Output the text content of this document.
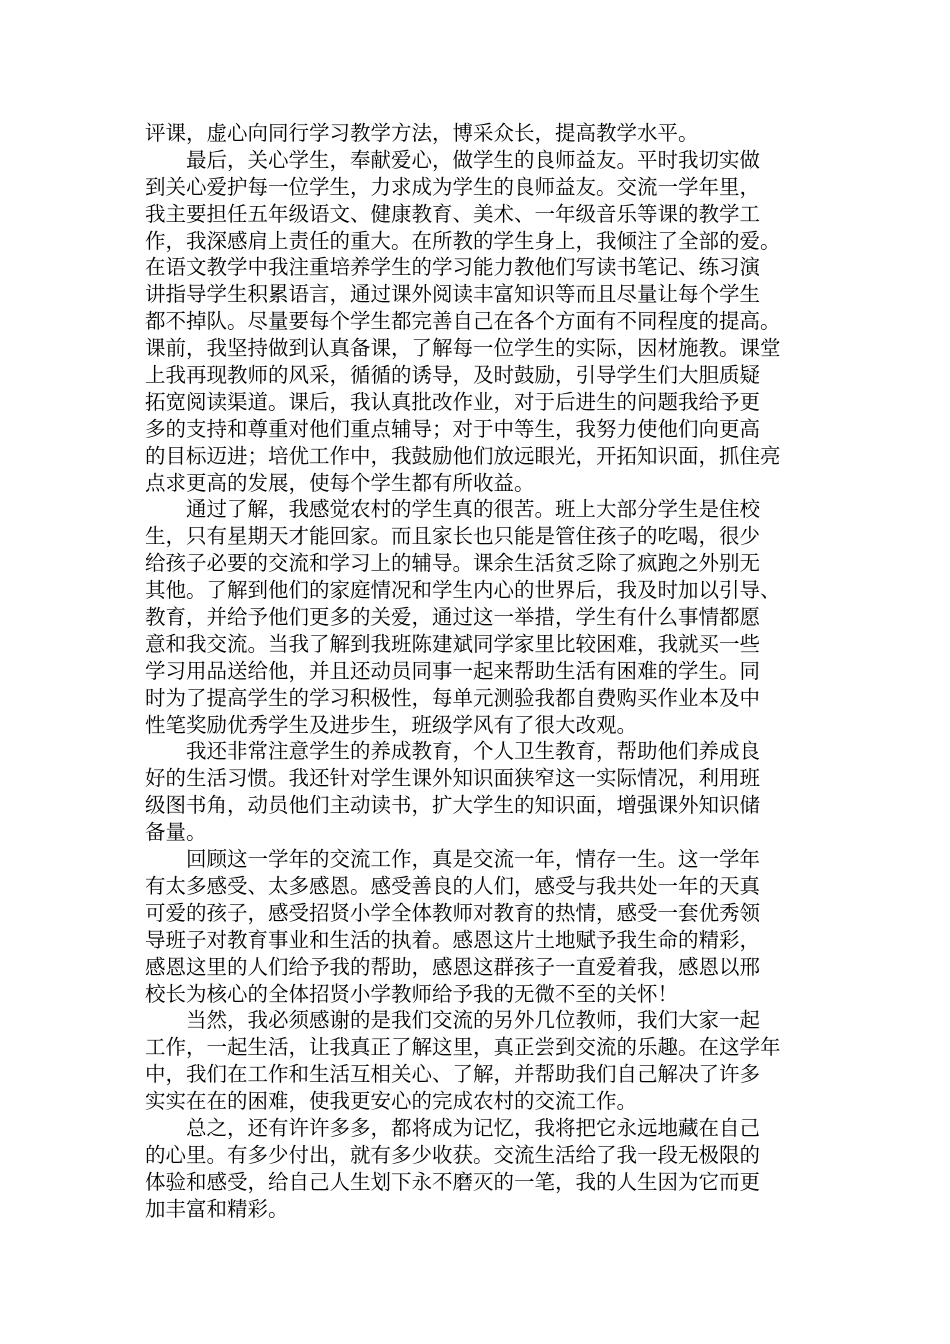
评课，虚心向同行学习教学方法，博采众长，提高教学水平。
　　最后，关心学生，奉献爱心，做学生的良师益友。平时我切实做
到关心爱护每一位学生，力求成为学生的良师益友。交流一学年里，
我主要担任五年级语文、健康教育、美术、一年级音乐等课的教学工
作，我深感肩上责任的重大。在所教的学生身上，我倾注了全部的爱。
在语文教学中我注重培养学生的学习能力教他们写读书笔记、练习演
讲指导学生积累语言，通过课外阅读丰富知识等而且尽量让每个学生
都不掉队。尽量要每个学生都完善自己在各个方面有不同程度的提高。
课前，我坚持做到认真备课，了解每一位学生的实际，因材施教。课堂
上我再现教师的风采，循循的诱导，及时鼓励，引导学生们大胆质疑
拓宽阅读渠道。课后，我认真批改作业，对于后进生的问题我给予更
多的支持和尊重对他们重点辅导；对于中等生，我努力使他们向更高
的目标迈进；培优工作中，我鼓励他们放远眼光，开拓知识面，抓住亮
点求更高的发展，使每个学生都有所收益。
　　通过了解，我感觉农村的学生真的很苦。班上大部分学生是住校
生，只有星期天才能回家。而且家长也只能是管住孩子的吃喝，很少
给孩子必要的交流和学习上的辅导。课余生活贫乏除了疯跑之外别无
其他。了解到他们的家庭情况和学生内心的世界后，我及时加以引导、
教育，并给予他们更多的关爱，通过这一举措，学生有什么事情都愿
意和我交流。当我了解到我班陈建斌同学家里比较困难，我就买一些
学习用品送给他，并且还动员同事一起来帮助生活有困难的学生。同
时为了提高学生的学习积极性，每单元测验我都自费购买作业本及中
性笔奖励优秀学生及进步生，班级学风有了很大改观。
　　我还非常注意学生的养成教育，个人卫生教育，帮助他们养成良
好的生活习惯。我还针对学生课外知识面狭窄这一实际情况，利用班
级图书角，动员他们主动读书，扩大学生的知识面，增强课外知识储
备量。
　　回顾这一学年的交流工作，真是交流一年，情存一生。这一学年
有太多感受、太多感恩。感受善良的人们，感受与我共处一年的天真
可爱的孩子，感受招贤小学全体教师对教育的热情，感受一套优秀领
导班子对教育事业和生活的执着。感恩这片土地赋予我生命的精彩，
感恩这里的人们给予我的帮助，感恩这群孩子一直爱着我，感恩以邢
校长为核心的全体招贤小学教师给予我的无微不至的关怀！
　　当然，我必须感谢的是我们交流的另外几位教师，我们大家一起
工作，一起生活，让我真正了解这里，真正尝到交流的乐趣。在这学年
中，我们在工作和生活互相关心、了解，并帮助我们自己解决了许多
实实在在的困难，使我更安心的完成农村的交流工作。
　　总之，还有许许多多，都将成为记忆，我将把它永远地藏在自己
的心里。有多少付出，就有多少收获。交流生活给了我一段无极限的
体验和感受，给自己人生划下永不磨灭的一笔，我的人生因为它而更
加丰富和精彩。
